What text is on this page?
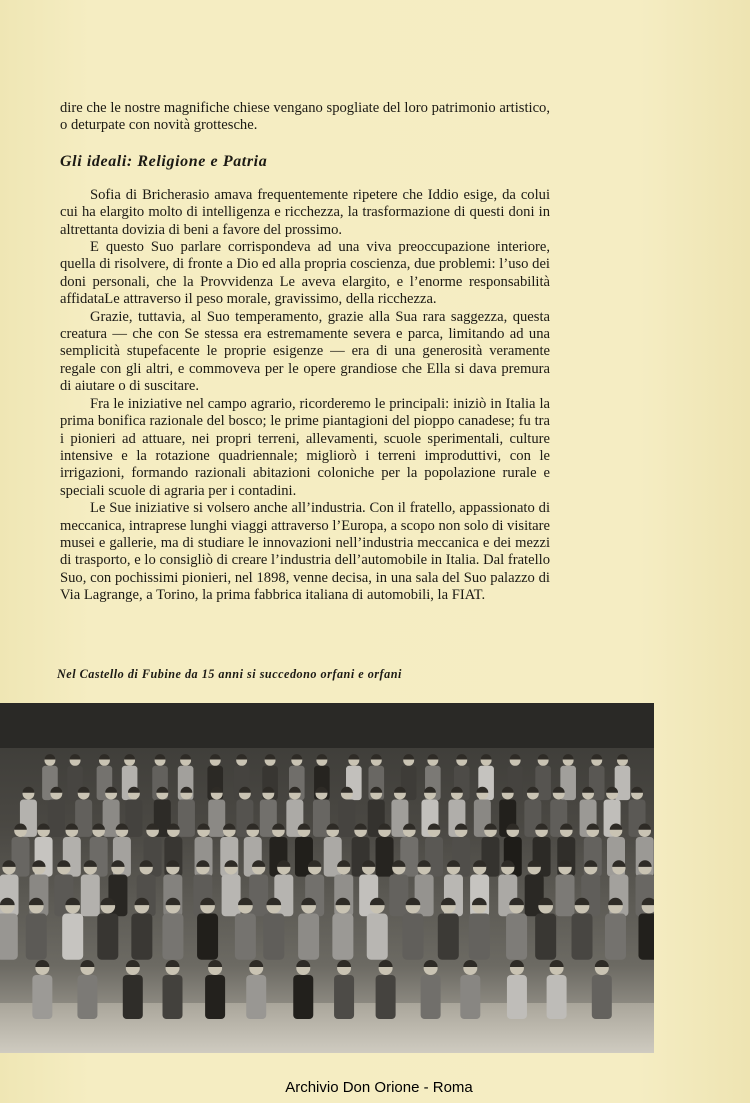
dire che le nostre magnifiche chiese vengano spogliate del loro patrimonio artistico, o deturpate con novità grottesche.

Gli ideali: Religione e Patria

Sofia di Bricherasio amava frequentemente ripetere che Iddio esige, da colui cui ha elargito molto di intelligenza e ricchezza, la trasformazione di questi doni in altrettanta dovizia di beni a favore del prossimo.

E questo Suo parlare corrispondeva ad una viva preoccupazione interiore, quella di risolvere, di fronte a Dio ed alla propria coscienza, due problemi: l’uso dei doni personali, che la Provvidenza Le aveva elargito, e l’enorme responsabilità affidataLe attraverso il peso morale, gravissimo, della ricchezza.

Grazie, tuttavia, al Suo temperamento, grazie alla Sua rara saggezza, questa creatura — che con Se stessa era estremamente severa e parca, limitando ad una semplicità stupefacente le proprie esigenze — era di una generosità veramente regale con gli altri, e commoveva per le opere grandiose che Ella si dava premura di aiutare o di suscitare.

Fra le iniziative nel campo agrario, ricorderemo le principali: iniziò in Italia la prima bonifica razionale del bosco; le prime piantagioni del pioppo canadese; fu tra i pionieri ad attuare, nei propri terreni, allevamenti, scuole sperimentali, culture intensive e la rotazione quadriennale; migliorò i terreni improduttivi, con le irrigazioni, formando razionali abitazioni coloniche per la popolazione rurale e speciali scuole di agraria per i contadini.

Le Sue iniziative si volsero anche all’industria. Con il fratello, appassionato di meccanica, intraprese lunghi viaggi attraverso l’Europa, a scopo non solo di visitare musei e gallerie, ma di studiare le innovazioni nell’industria meccanica e dei mezzi di trasporto, e lo consigliò di creare l’industria dell’automobile in Italia. Dal fratello Suo, con pochissimi pionieri, nel 1898, venne decisa, in una sala del Suo palazzo di Via Lagrange, a Torino, la prima fabbrica italiana di automobili, la FIAT.

Nel Castello di Fubine da 15 anni si succedono orfani e orfani
Archivio Don Orione - Roma
